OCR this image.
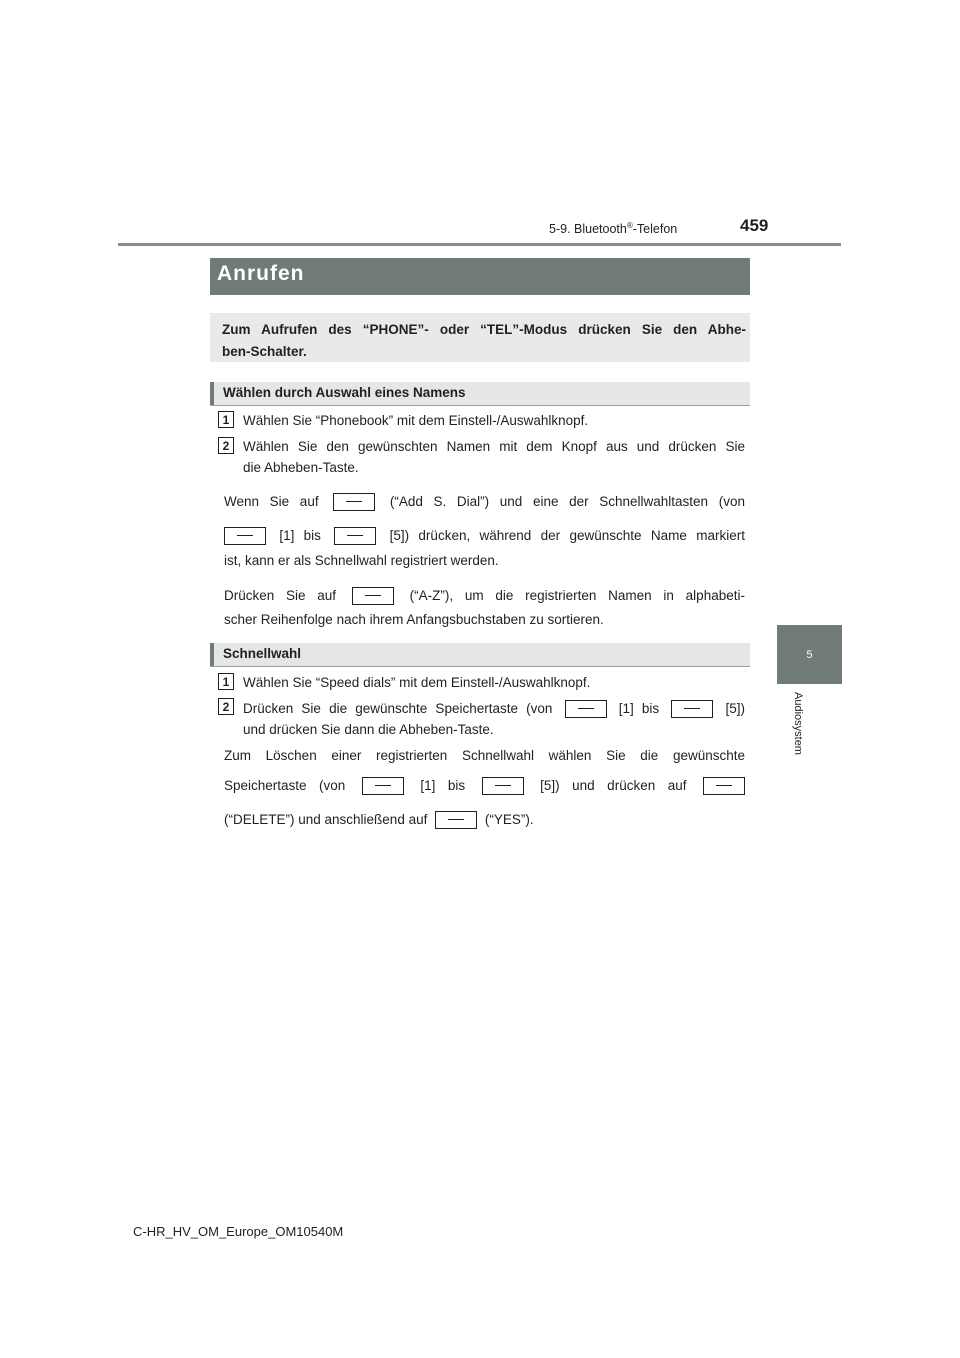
5-9. Bluetooth®-Telefon	459
5
Audiosystem
Anrufen
Zum Aufrufen des “PHONE”- oder “TEL”-Modus drücken Sie den Abhe-
ben-Schalter.
Wählen durch Auswahl eines Namens
1	Wählen Sie “Phonebook” mit dem Einstell-/Auswahlknopf.
2	Wählen Sie den gewünschten Namen mit dem Knopf aus und drücken Sie
die Abheben-Taste.
Wenn Sie auf	(“Add S. Dial”) und eine der Schnellwahltasten (von
[1] bis	[5]) drücken, während der gewünschte Name markiert
ist, kann er als Schnellwahl registriert werden.
Drücken Sie auf	(“A-Z”), um die registrierten Namen in alphabeti-
scher Reihenfolge nach ihrem Anfangsbuchstaben zu sortieren.
Schnellwahl
1	Wählen Sie “Speed dials” mit dem Einstell-/Auswahlknopf.
2	Drücken Sie die gewünschte Speichertaste (von	[1] bis	[5])
und drücken Sie dann die Abheben-Taste.
Zum Löschen einer registrierten Schnellwahl wählen Sie die gewünschte
Speichertaste (von	[1] bis	[5]) und drücken auf
(“DELETE”) und anschließend auf	(“YES”).
C-HR_HV_OM_Europe_OM10540M
